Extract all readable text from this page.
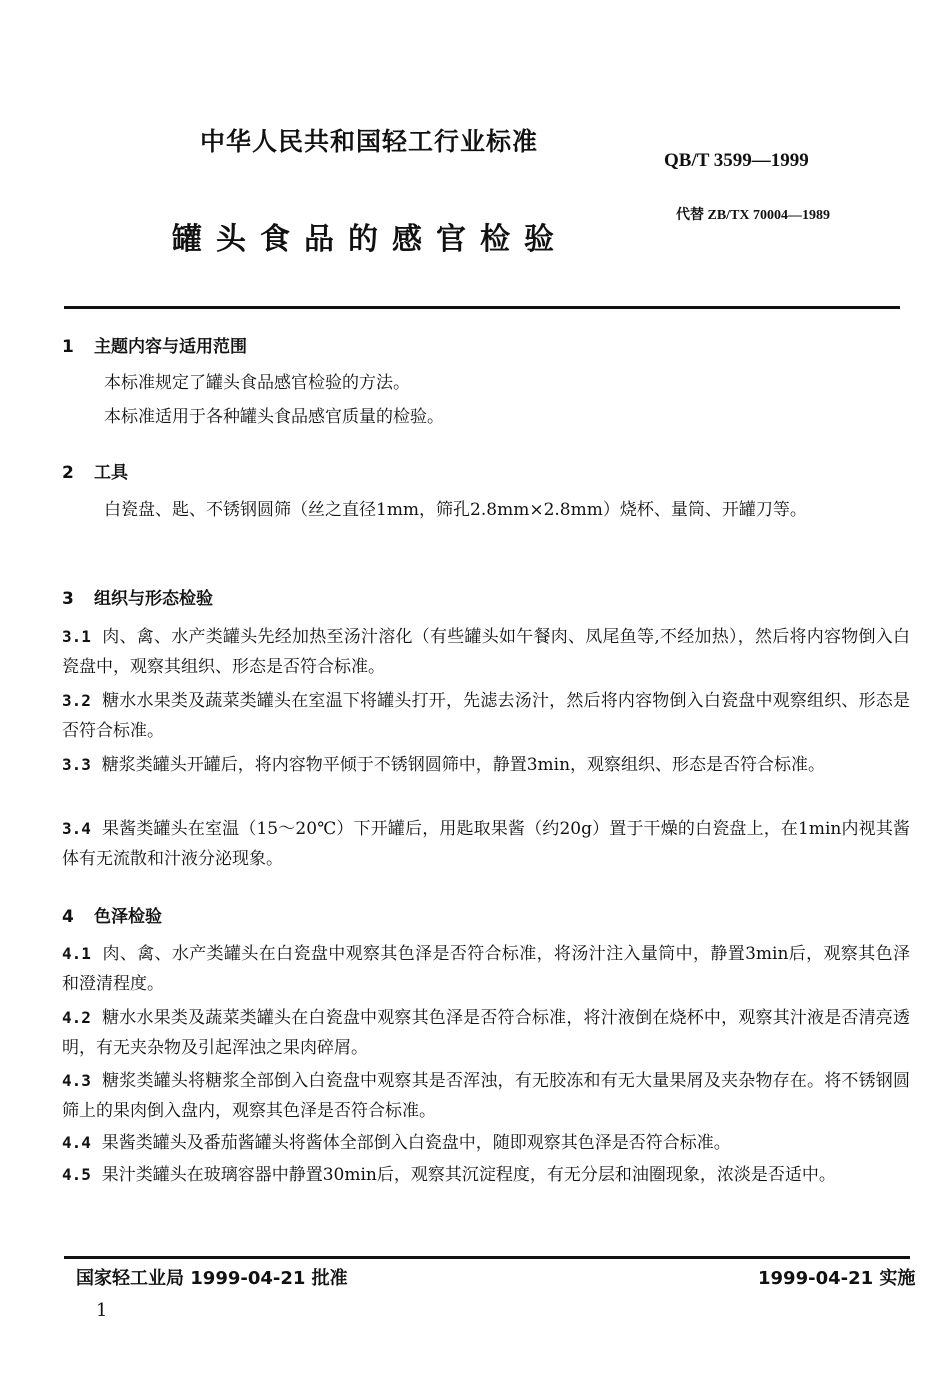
中华人民共和国轻工行业标准
QB/T 3599—1999
代替 ZB/TX 70004—1989
罐头食品的感官检验
1 主题内容与适用范围
本标准规定了罐头食品感官检验的方法。
本标准适用于各种罐头食品感官质量的检验。
2 工具
白瓷盘、匙、不锈钢圆筛（丝之直径1mm，筛孔2.8mm×2.8mm）烧杯、量筒、开罐刀等。
3 组织与形态检验
3.1 肉、禽、水产类罐头先经加热至汤汁溶化（有些罐头如午餐肉、凤尾鱼等,不经加热），然后将内容物倒入白瓷盘中，观察其组织、形态是否符合标准。
3.2 糖水水果类及蔬菜类罐头在室温下将罐头打开，先滤去汤汁，然后将内容物倒入白瓷盘中观察组织、形态是否符合标准。
3.3 糖浆类罐头开罐后，将内容物平倾于不锈钢圆筛中，静置3min，观察组织、形态是否符合标准。
3.4 果酱类罐头在室温（15～20℃）下开罐后，用匙取果酱（约20g）置于干燥的白瓷盘上，在1min内视其酱体有无流散和汁液分泌现象。
4 色泽检验
4.1 肉、禽、水产类罐头在白瓷盘中观察其色泽是否符合标准，将汤汁注入量筒中，静置3min后，观察其色泽和澄清程度。
4.2 糖水水果类及蔬菜类罐头在白瓷盘中观察其色泽是否符合标准，将汁液倒在烧杯中，观察其汁液是否清亮透明，有无夹杂物及引起浑浊之果肉碎屑。
4.3 糖浆类罐头将糖浆全部倒入白瓷盘中观察其是否浑浊，有无胶冻和有无大量果屑及夹杂物存在。将不锈钢圆筛上的果肉倒入盘内，观察其色泽是否符合标准。
4.4 果酱类罐头及番茄酱罐头将酱体全部倒入白瓷盘中，随即观察其色泽是否符合标准。
4.5 果汁类罐头在玻璃容器中静置30min后，观察其沉淀程度，有无分层和油圈现象，浓淡是否适中。
国家轻工业局 1999-04-21 批准	1999-04-21 实施
1
